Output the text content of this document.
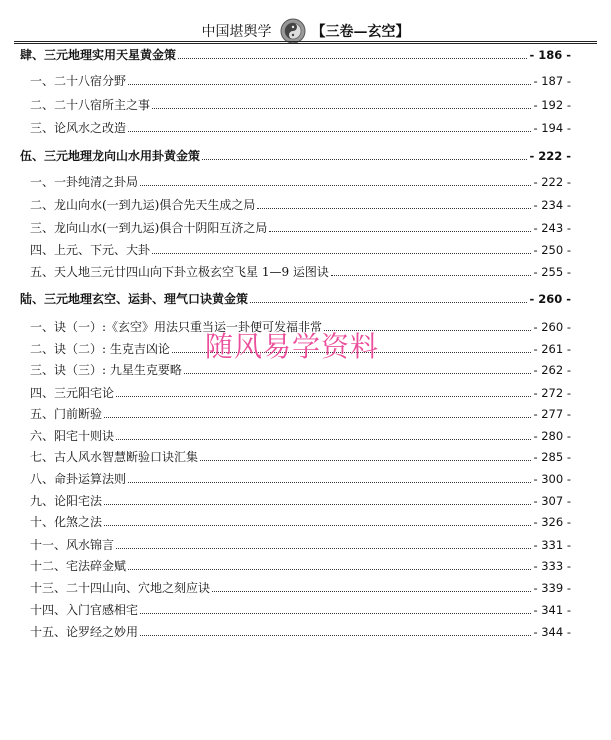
中国堪舆学	【三卷—玄空】
肆、三元地理实用天星黄金策	- 186 -
一、二十八宿分野	- 187 -
二、二十八宿所主之事	- 192 -
三、论风水之改造	- 194 -
伍、三元地理龙向山水用卦黄金策	- 222 -
一、一卦纯清之卦局	- 222 -
二、龙山向水(一到九运)俱合先天生成之局	- 234 -
三、龙向山水(一到九运)俱合十阴阳互济之局	- 243 -
四、上元、下元、大卦	- 250 -
五、天人地三元廿四山向下卦立极玄空飞星 1—9 运图诀	- 255 -
陆、三元地理玄空、运卦、理气口诀黄金策	- 260 -
一、诀（一）:《玄空》用法只重当运一卦便可发福非常	- 260 -
二、诀（二）: 生克吉凶论	- 261 -
三、诀（三）: 九星生克要略	- 262 -
四、三元阳宅论	- 272 -
五、门前断验	- 277 -
六、阳宅十则诀	- 280 -
七、古人风水智慧断验口诀汇集	- 285 -
八、命卦运算法则	- 300 -
九、论阳宅法	- 307 -
十、化煞之法	- 326 -
十一、风水锦言	- 331 -
十二、宅法碎金赋	- 333 -
十三、二十四山向、穴地之刻应诀	- 339 -
十四、入门官感相宅	- 341 -
十五、论罗经之妙用	- 344 -
随风易学资料
